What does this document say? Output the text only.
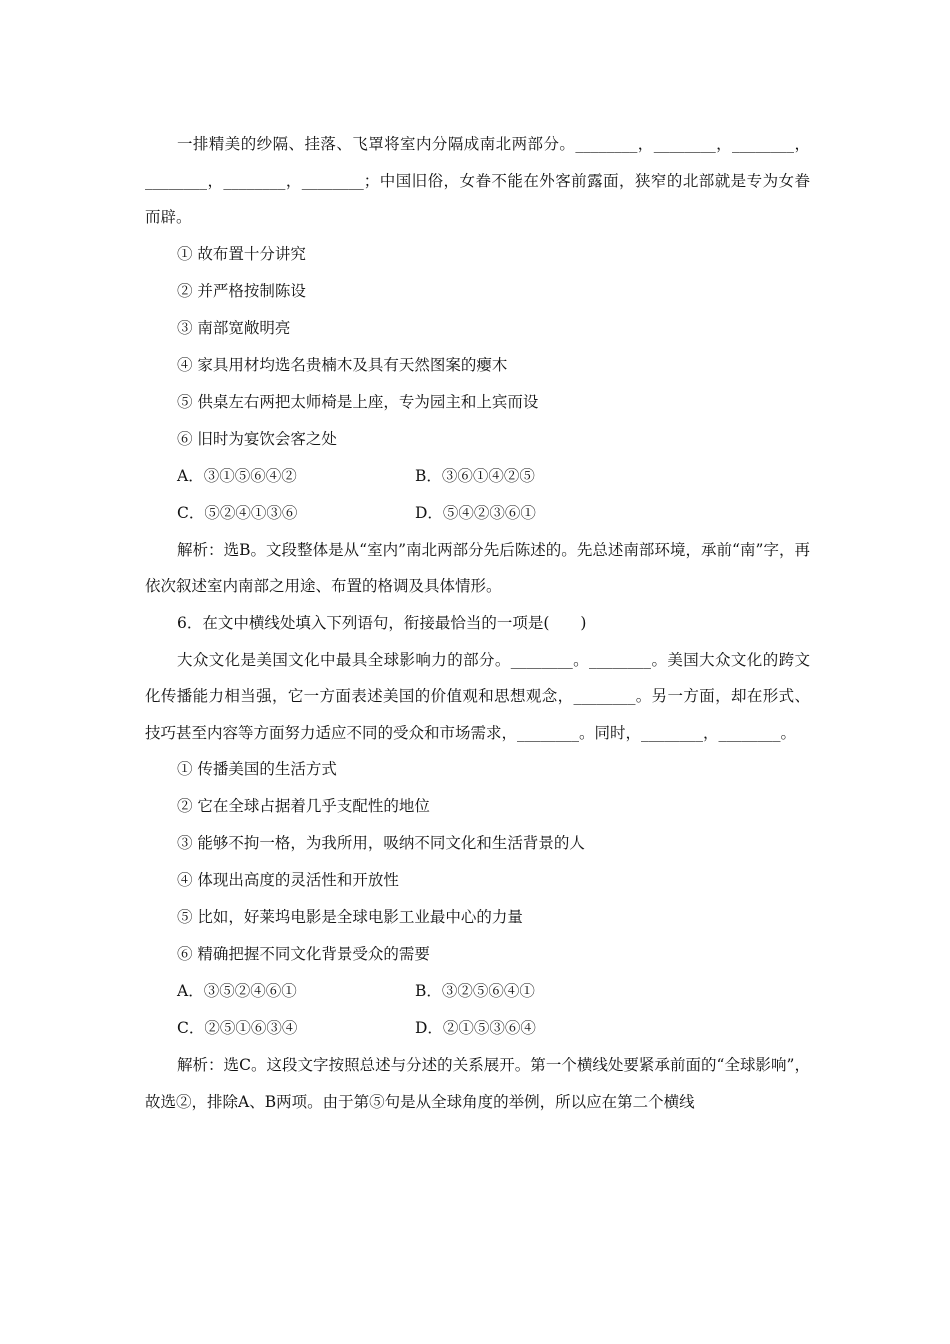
一排精美的纱隔、挂落、飞罩将室内分隔成南北两部分。________，________，________，________，________，________；中国旧俗，女眷不能在外客前露面，狭窄的北部就是专为女眷而辟。

① 故布置十分讲究

② 并严格按制陈设

③ 南部宽敞明亮

④ 家具用材均选名贵楠木及具有天然图案的瘿木

⑤ 供桌左右两把太师椅是上座，专为园主和上宾而设

⑥ 旧时为宴饮会客之处

A．③①⑤⑥④②	B．③⑥①④②⑤
C．⑤②④①③⑥	D．⑤④②③⑥①

解析：选B。文段整体是从“室内”南北两部分先后陈述的。先总述南部环境，承前“南”字，再依次叙述室内南部之用途、布置的格调及具体情形。

6．在文中横线处填入下列语句，衔接最恰当的一项是(　　)

大众文化是美国文化中最具全球影响力的部分。________。________。美国大众文化的跨文化传播能力相当强，它一方面表述美国的价值观和思想观念，________。另一方面，却在形式、技巧甚至内容等方面努力适应不同的受众和市场需求，________。同时，________，________。

① 传播美国的生活方式

② 它在全球占据着几乎支配性的地位

③ 能够不拘一格，为我所用，吸纳不同文化和生活背景的人

④ 体现出高度的灵活性和开放性

⑤ 比如，好莱坞电影是全球电影工业最中心的力量

⑥ 精确把握不同文化背景受众的需要

A．③⑤②④⑥①	B．③②⑤⑥④①
C．②⑤①⑥③④	D．②①⑤③⑥④

解析：选C。这段文字按照总述与分述的关系展开。第一个横线处要紧承前面的“全球影响”，故选②，排除A、B两项。由于第⑤句是从全球角度的举例，所以应在第二个横线
